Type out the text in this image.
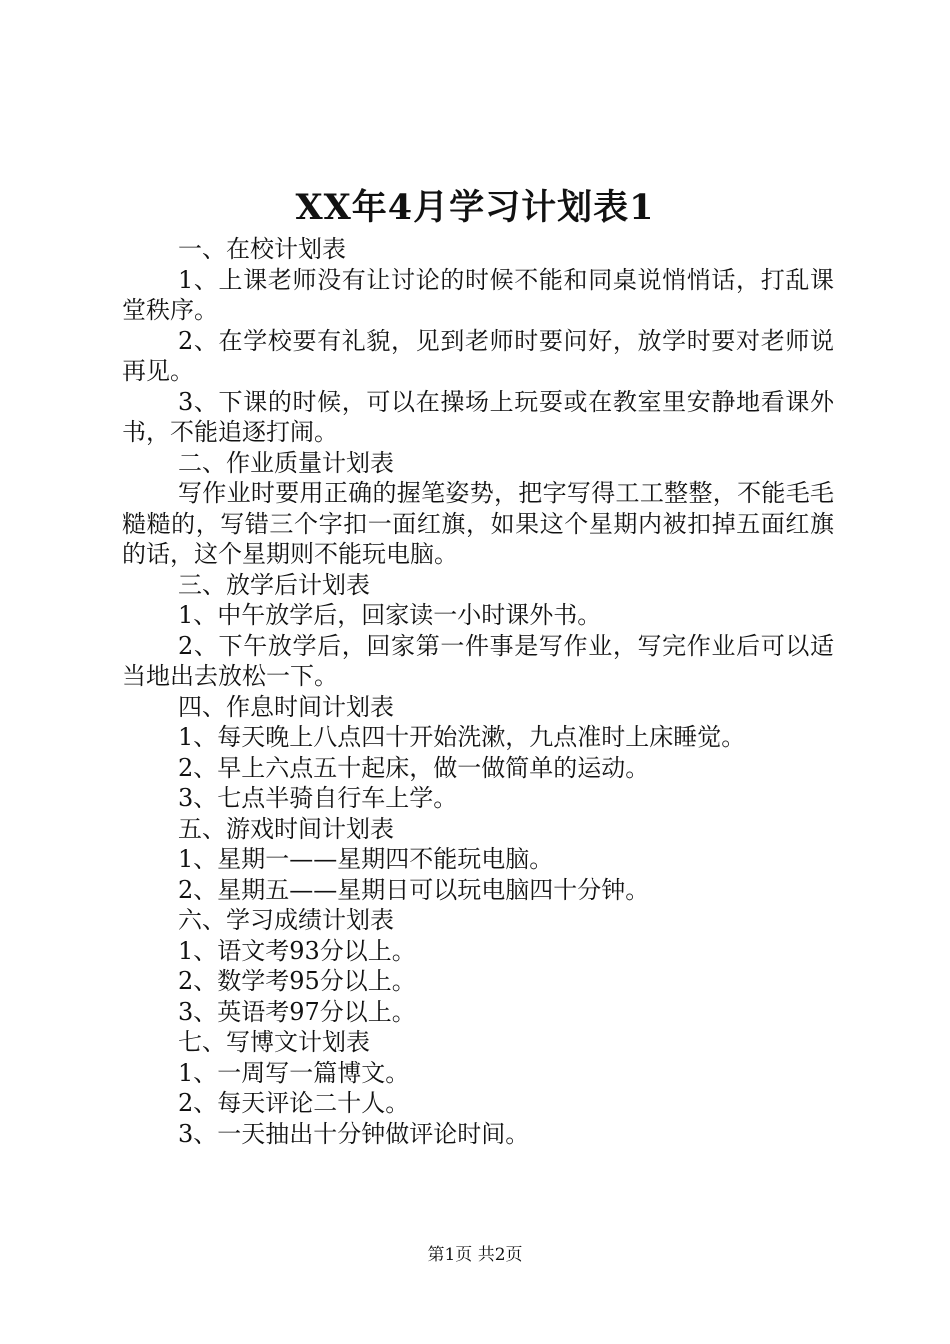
XX年4月学习计划表1

一、在校计划表

1、上课老师没有让讨论的时候不能和同桌说悄悄话，打乱课堂秩序。

2、在学校要有礼貌，见到老师时要问好，放学时要对老师说再见。

3、下课的时候，可以在操场上玩耍或在教室里安静地看课外书，不能追逐打闹。

二、作业质量计划表

写作业时要用正确的握笔姿势，把字写得工工整整，不能毛毛糙糙的，写错三个字扣一面红旗，如果这个星期内被扣掉五面红旗的话，这个星期则不能玩电脑。

三、放学后计划表

1、中午放学后，回家读一小时课外书。

2、下午放学后，回家第一件事是写作业，写完作业后可以适当地出去放松一下。

四、作息时间计划表

1、每天晚上八点四十开始洗漱，九点准时上床睡觉。

2、早上六点五十起床，做一做简单的运动。

3、七点半骑自行车上学。

五、游戏时间计划表

1、星期一——星期四不能玩电脑。

2、星期五——星期日可以玩电脑四十分钟。

六、学习成绩计划表

1、语文考93分以上。

2、数学考95分以上。

3、英语考97分以上。

七、写博文计划表

1、一周写一篇博文。

2、每天评论二十人。

3、一天抽出十分钟做评论时间。

第1页 共2页
